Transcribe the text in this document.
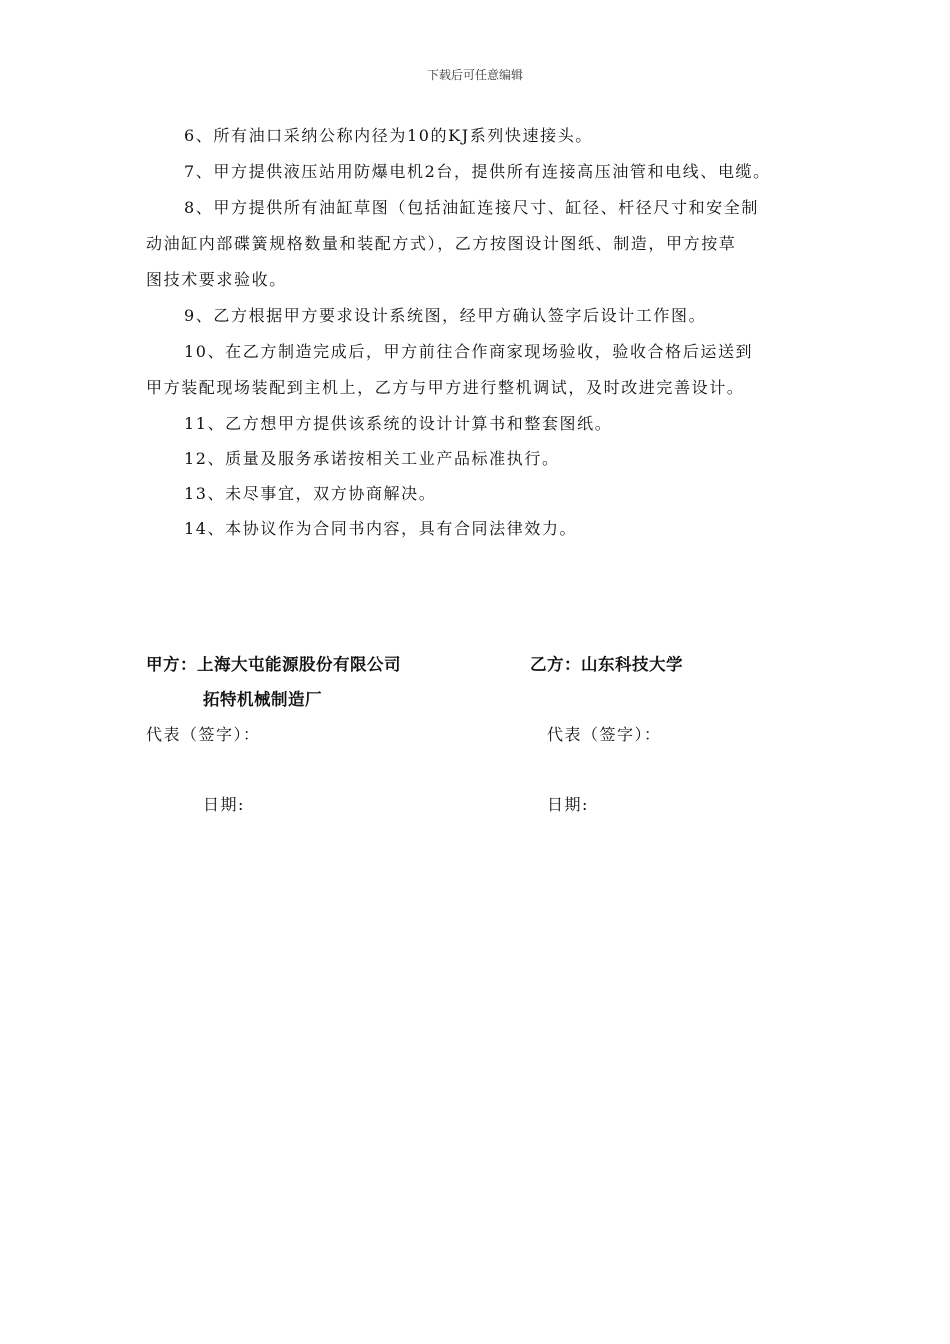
下载后可任意编辑
6、所有油口采纳公称内径为10的KJ系列快速接头。
7、甲方提供液压站用防爆电机2台，提供所有连接高压油管和电线、电缆。
8、甲方提供所有油缸草图（包括油缸连接尺寸、缸径、杆径尺寸和安全制
动油缸内部碟簧规格数量和装配方式），乙方按图设计图纸、制造，甲方按草
图技术要求验收。
9、乙方根据甲方要求设计系统图，经甲方确认签字后设计工作图。
10、在乙方制造完成后，甲方前往合作商家现场验收，验收合格后运送到
甲方装配现场装配到主机上，乙方与甲方进行整机调试，及时改进完善设计。
11、乙方想甲方提供该系统的设计计算书和整套图纸。
12、质量及服务承诺按相关工业产品标准执行。
13、未尽事宜，双方协商解决。
14、本协议作为合同书内容，具有合同法律效力。
甲方：上海大屯能源股份有限公司	乙方：山东科技大学
拓特机械制造厂
代表（签字）：	代表（签字）：
日期:	日期:
